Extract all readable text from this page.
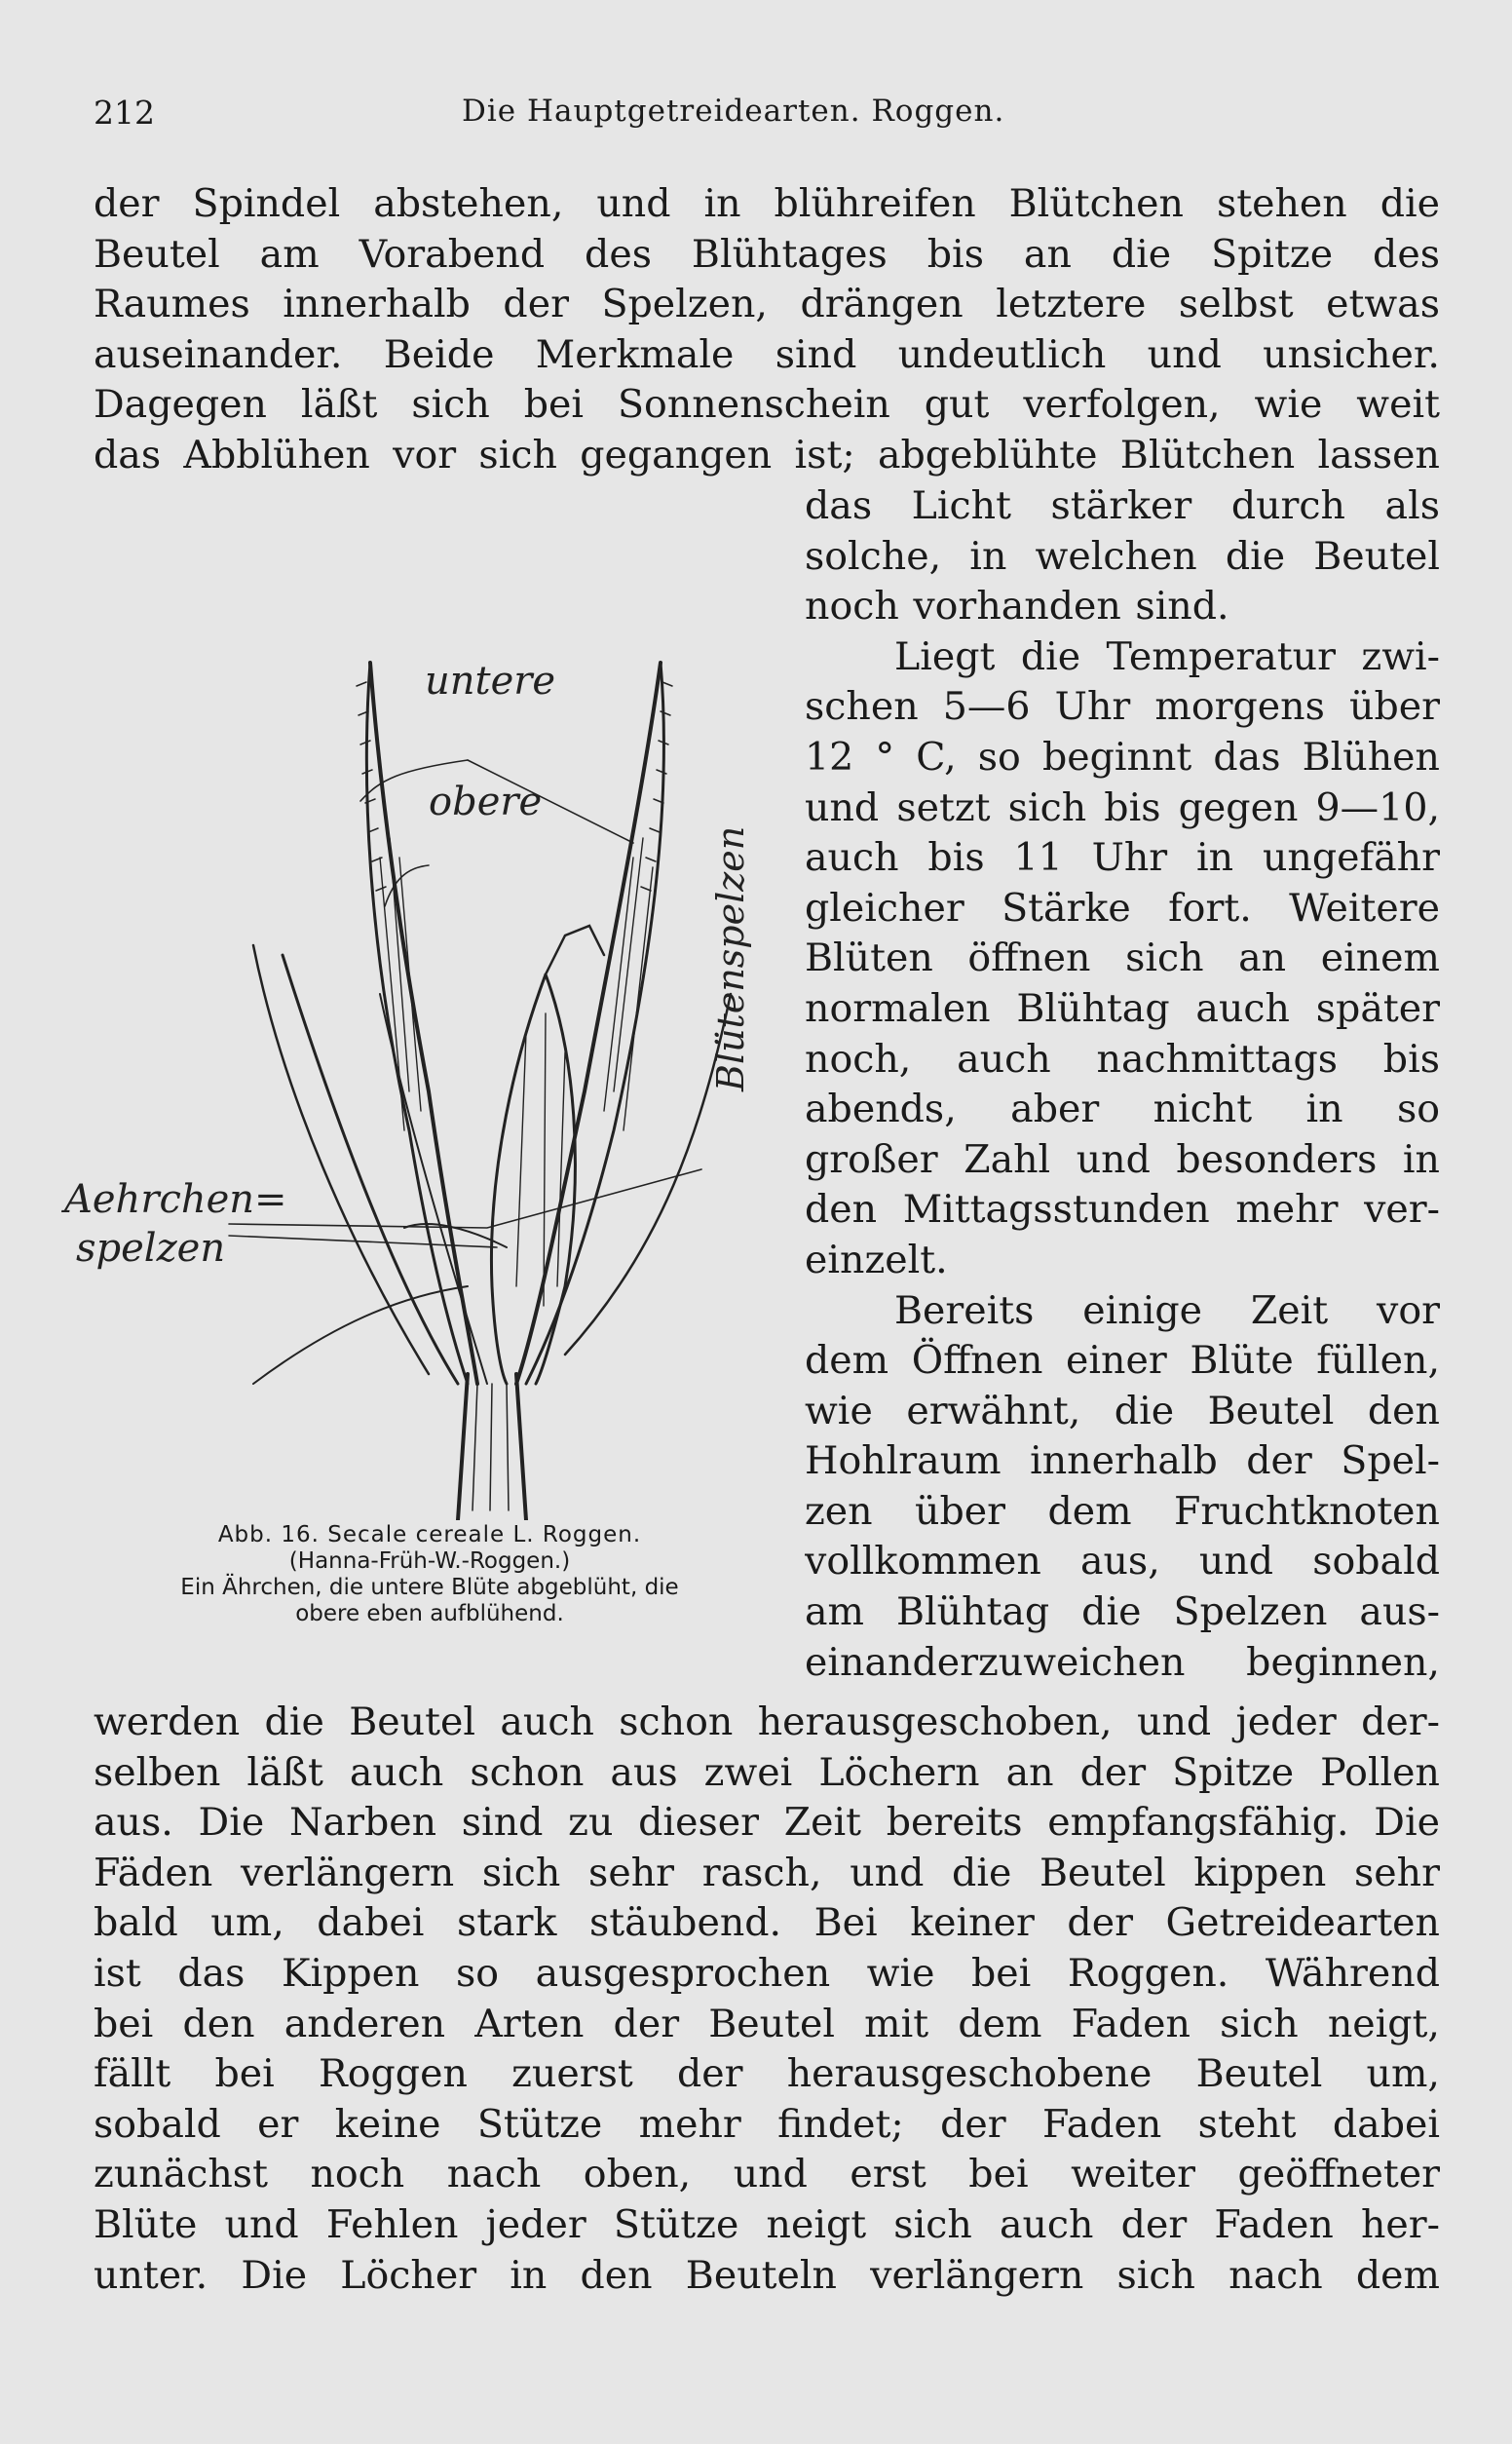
212	Die Hauptgetreidearten. Roggen.
der Spindel abstehen, und in blühreifen Blütchen stehen die
Beutel am Vorabend des Blühtages bis an die Spitze des
Raumes innerhalb der Spelzen, drängen letztere selbst etwas
auseinander. Beide Merkmale sind undeutlich und unsicher.
Dagegen läßt sich bei Sonnenschein gut verfolgen, wie weit
das Abblühen vor sich gegangen ist; abgeblühte Blütchen lassen
das Licht stärker durch als
solche, in welchen die Beutel
noch vorhanden sind.
Liegt die Temperatur zwi-
schen 5—6 Uhr morgens über
12 ° C, so beginnt das Blühen
und setzt sich bis gegen 9—10,
auch bis 11 Uhr in ungefähr
gleicher Stärke fort. Weitere
Blüten öffnen sich an einem
normalen Blühtag auch später
noch, auch nachmittags bis
abends, aber nicht in so
großer Zahl und besonders in
den Mittagsstunden mehr ver-
einzelt.
Bereits einige Zeit vor
dem Öffnen einer Blüte füllen,
wie erwähnt, die Beutel den
Hohlraum innerhalb der Spel-
zen über dem Fruchtknoten
vollkommen aus, und sobald
am Blühtag die Spelzen aus-
einanderzuweichen beginnen,
untere
obere
Blütenspelzen
Aehrchen=
spelzen
Abb. 16. Secale cereale L. Roggen.
(Hanna-Früh-W.-Roggen.)
Ein Ährchen, die untere Blüte abgeblüht, die
obere eben aufblühend.
werden die Beutel auch schon herausgeschoben, und jeder der-
selben läßt auch schon aus zwei Löchern an der Spitze Pollen
aus. Die Narben sind zu dieser Zeit bereits empfangsfähig. Die
Fäden verlängern sich sehr rasch, und die Beutel kippen sehr
bald um, dabei stark stäubend. Bei keiner der Getreidearten
ist das Kippen so ausgesprochen wie bei Roggen. Während
bei den anderen Arten der Beutel mit dem Faden sich neigt,
fällt bei Roggen zuerst der herausgeschobene Beutel um,
sobald er keine Stütze mehr findet; der Faden steht dabei
zunächst noch nach oben, und erst bei weiter geöffneter
Blüte und Fehlen jeder Stütze neigt sich auch der Faden her-
unter. Die Löcher in den Beuteln verlängern sich nach dem
